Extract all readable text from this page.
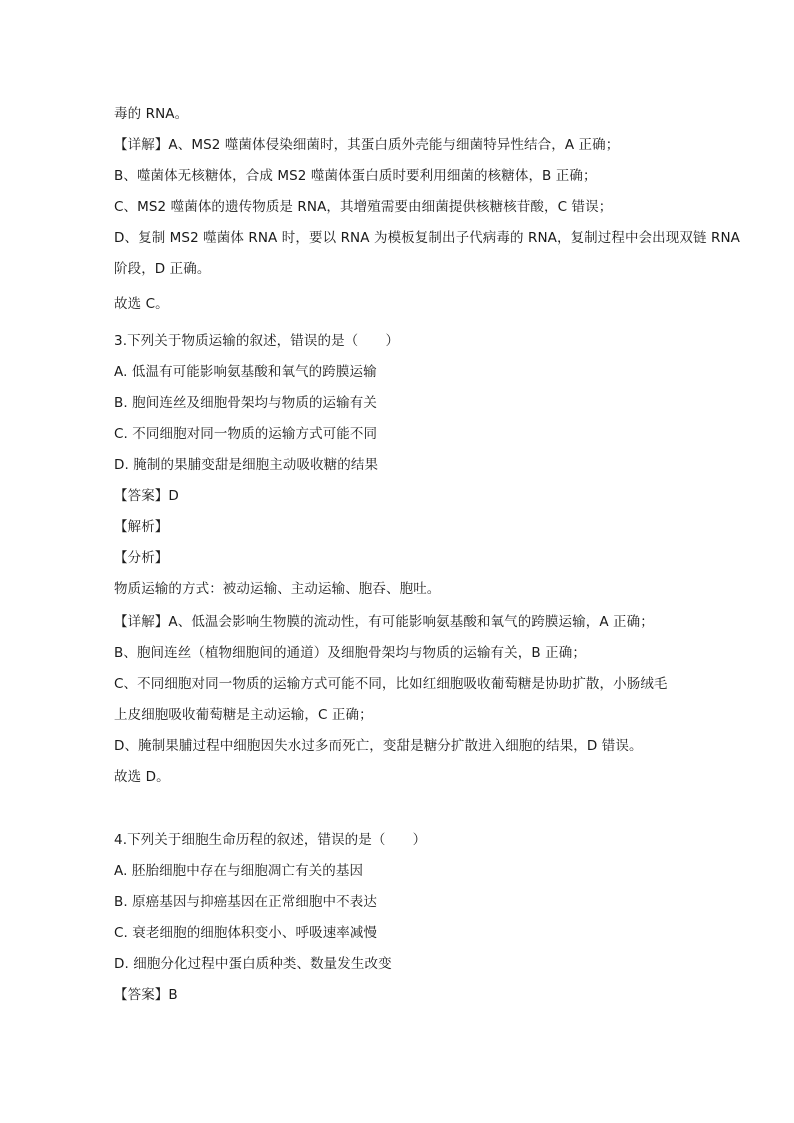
毒的 RNA。
【详解】A、MS2 噬菌体侵染细菌时，其蛋白质外壳能与细菌特异性结合，A 正确；
B、噬菌体无核糖体，合成 MS2 噬菌体蛋白质时要利用细菌的核糖体，B 正确；
C、MS2 噬菌体的遗传物质是 RNA，其增殖需要由细菌提供核糖核苷酸，C 错误；
D、复制 MS2 噬菌体 RNA 时，要以 RNA 为模板复制出子代病毒的 RNA，复制过程中会出现双链 RNA
阶段，D 正确。
故选 C。
3.下列关于物质运输的叙述，错误的是（　　）
A. 低温有可能影响氨基酸和氧气的跨膜运输
B. 胞间连丝及细胞骨架均与物质的运输有关
C. 不同细胞对同一物质的运输方式可能不同
D. 腌制的果脯变甜是细胞主动吸收糖的结果
【答案】D
【解析】
【分析】
物质运输的方式：被动运输、主动运输、胞吞、胞吐。
【详解】A、低温会影响生物膜的流动性，有可能影响氨基酸和氧气的跨膜运输，A 正确；
B、胞间连丝（植物细胞间的通道）及细胞骨架均与物质的运输有关，B 正确；
C、不同细胞对同一物质的运输方式可能不同，比如红细胞吸收葡萄糖是协助扩散，小肠绒毛
上皮细胞吸收葡萄糖是主动运输，C 正确；
D、腌制果脯过程中细胞因失水过多而死亡，变甜是糖分扩散进入细胞的结果，D 错误。
故选 D。
4.下列关于细胞生命历程的叙述，错误的是（　　）
A. 胚胎细胞中存在与细胞凋亡有关的基因
B. 原癌基因与抑癌基因在正常细胞中不表达
C. 衰老细胞的细胞体积变小、呼吸速率减慢
D. 细胞分化过程中蛋白质种类、数量发生改变
【答案】B
